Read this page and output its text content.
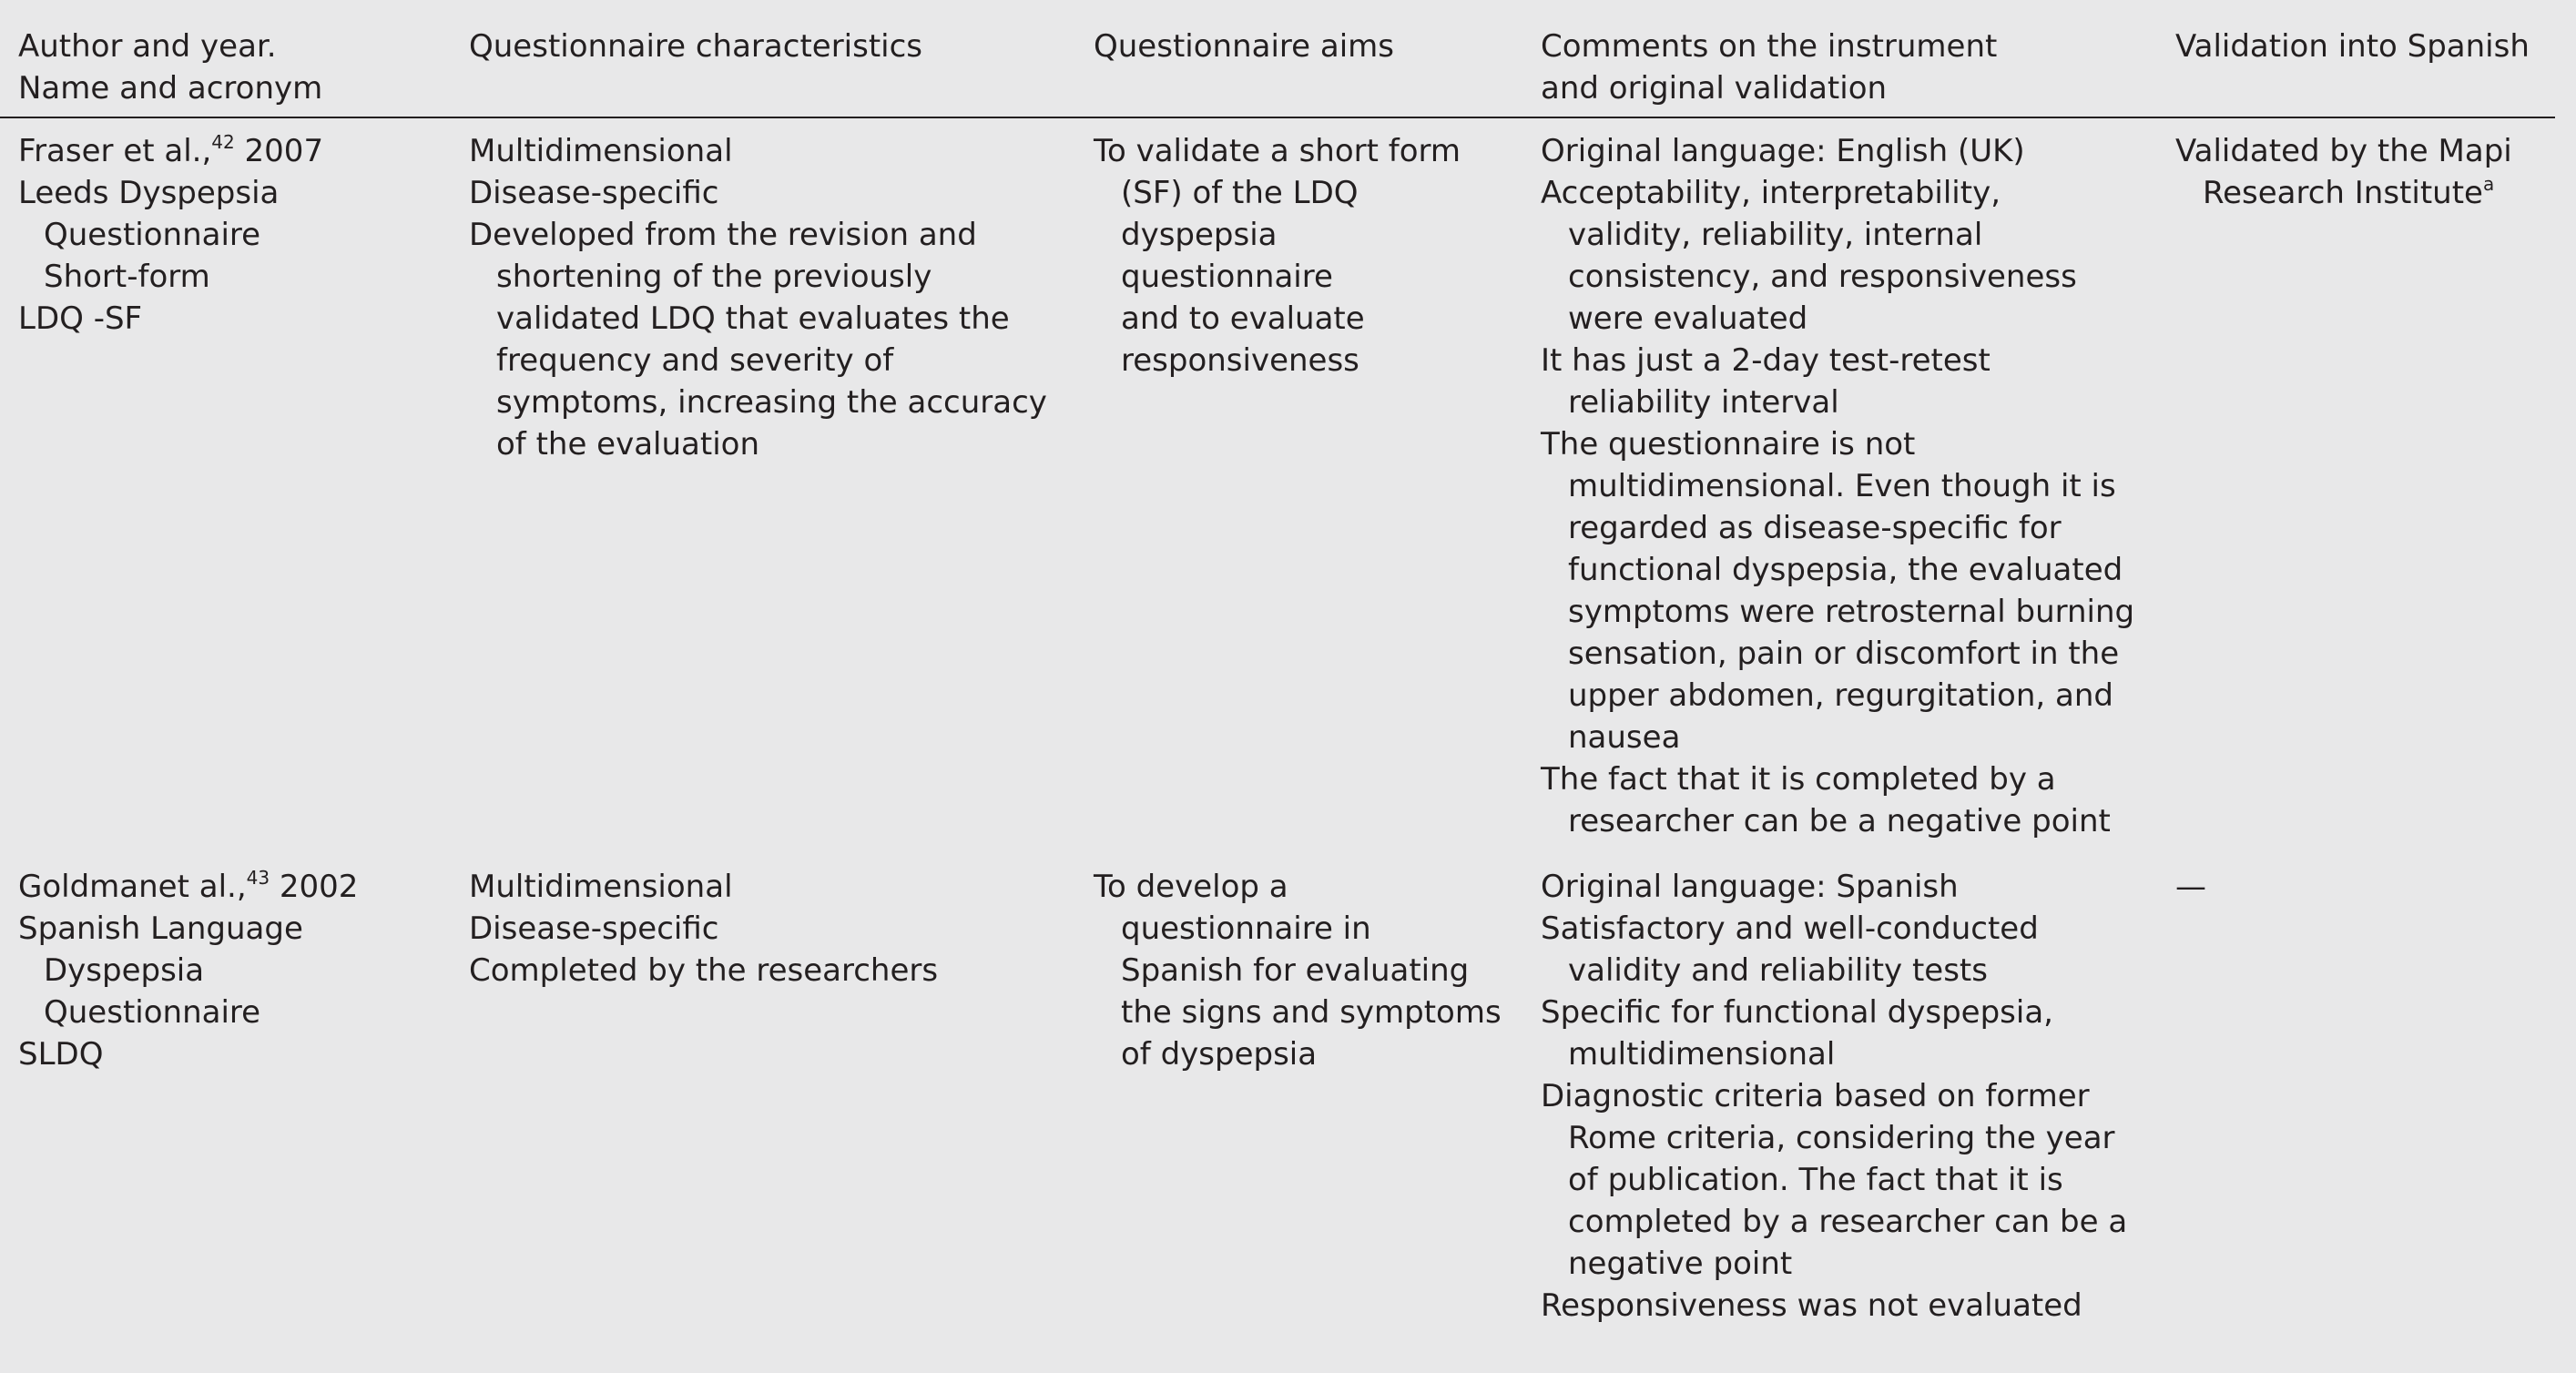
Author and year.
Name and acronym
Questionnaire characteristics	Questionnaire aims	Comments on the instrument
and original validation
Validation into Spanish
Fraser et al.,$^{42}$ 2007
Leeds Dyspepsia
Questionnaire
Short-form
LDQ -SF
Multidimensional
Disease-specific
Developed from the revision and
shortening of the previously
validated LDQ that evaluates the
frequency and severity of
symptoms, increasing the accuracy
of the evaluation
To validate a short form
(SF) of the LDQ
dyspepsia
questionnaire
and to evaluate
responsiveness
Original language: English (UK)
Acceptability, interpretability,
validity, reliability, internal
consistency, and responsiveness
were evaluated
It has just a 2-day test-retest
reliability interval
The questionnaire is not
multidimensional. Even though it is
regarded as disease-specific for
functional dyspepsia, the evaluated
symptoms were retrosternal burning
sensation, pain or discomfort in the
upper abdomen, regurgitation, and
nausea
The fact that it is completed by a
researcher can be a negative point
Validated by the Mapi
Research Institute$^a$
Goldmanet al.,$^{43}$ 2002
Spanish Language
Dyspepsia
Questionnaire
SLDQ
Multidimensional
Disease-specific
Completed by the researchers
To develop a
questionnaire in
Spanish for evaluating
the signs and symptoms
of dyspepsia
Original language: Spanish
Satisfactory and well-conducted
validity and reliability tests
Specific for functional dyspepsia,
multidimensional
Diagnostic criteria based on former
Rome criteria, considering the year
of publication. The fact that it is
completed by a researcher can be a
negative point
Responsiveness was not evaluated
—
